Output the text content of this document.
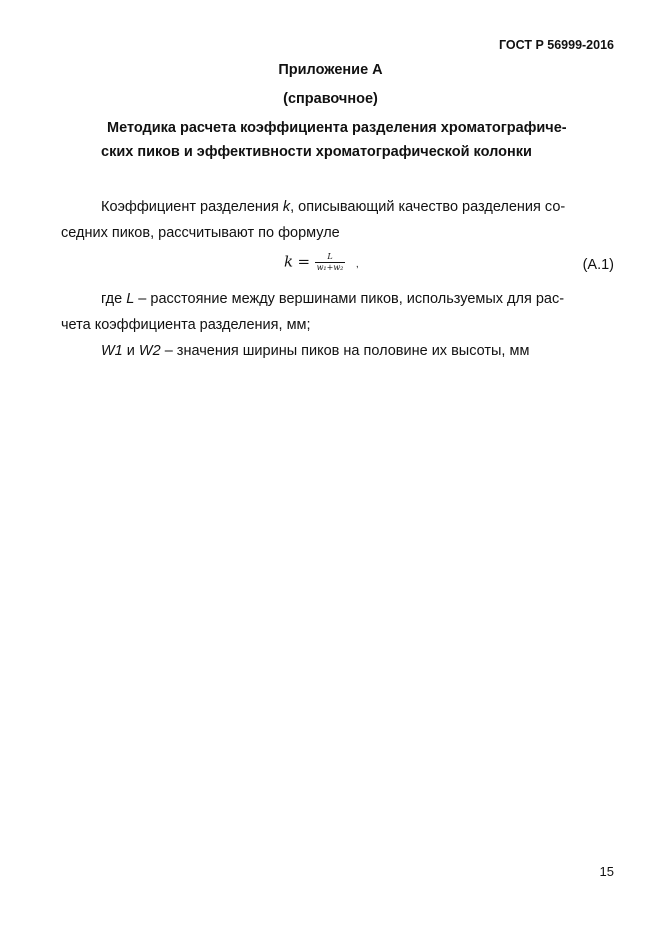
ГОСТ Р 56999-2016
Приложение А
(справочное)
Методика расчета коэффициента разделения хроматографиче-
ских пиков и эффективности хроматографической колонки
Коэффициент разделения k, описывающий качество разделения со-
седних пиков, рассчитывают по формуле
$k = \frac{L}{\text{w₁+w₂}}$ ,	(А.1)
где L – расстояние между вершинами пиков, используемых для рас-
чета коэффициента разделения, мм;
W1 и W2 – значения ширины пиков на половине их высоты, мм
15
